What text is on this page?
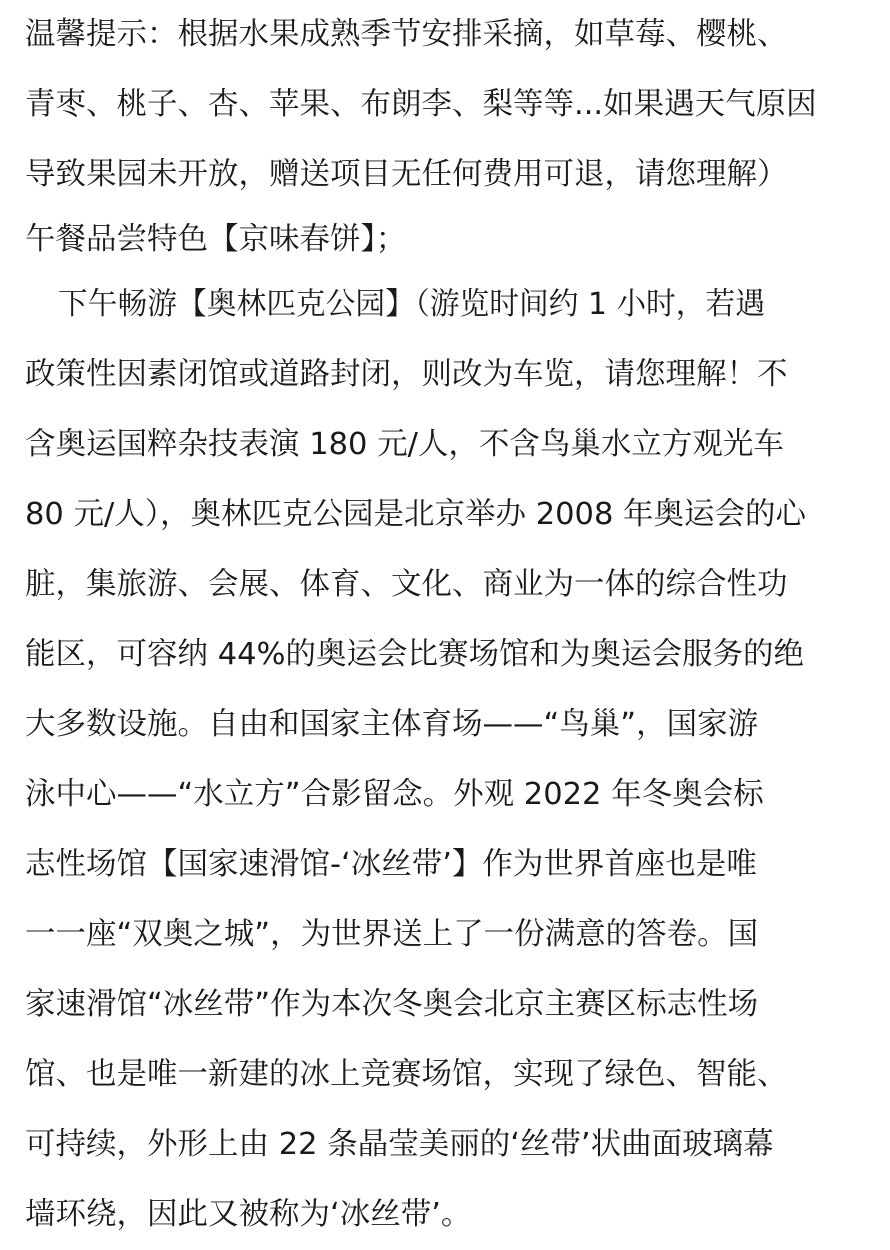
温馨提示：根据水果成熟季节安排采摘，如草莓、樱桃、
青枣、桃子、杏、苹果、布朗李、梨等等...如果遇天气原因
导致果园未开放，赠送项目无任何费用可退，请您理解）
午餐品尝特色【京味春饼】；
下午畅游【奥林匹克公园】（游览时间约 1 小时，若遇
政策性因素闭馆或道路封闭，则改为车览，请您理解！不
含奥运国粹杂技表演 180 元/人，不含鸟巢水立方观光车
80 元/人），奥林匹克公园是北京举办 2008 年奥运会的心
脏，集旅游、会展、体育、文化、商业为一体的综合性功
能区，可容纳 44%的奥运会比赛场馆和为奥运会服务的绝
大多数设施。自由和国家主体育场——“鸟巢”，国家游
泳中心——“水立方”合影留念。外观 2022 年冬奥会标
志性场馆【国家速滑馆-‘冰丝带’】作为世界首座也是唯
一一座“双奥之城”，为世界送上了一份满意的答卷。国
家速滑馆“冰丝带”作为本次冬奥会北京主赛区标志性场
馆、也是唯一新建的冰上竞赛场馆，实现了绿色、智能、
可持续，外形上由 22 条晶莹美丽的‘丝带’状曲面玻璃幕
墙环绕，因此又被称为‘冰丝带’。
